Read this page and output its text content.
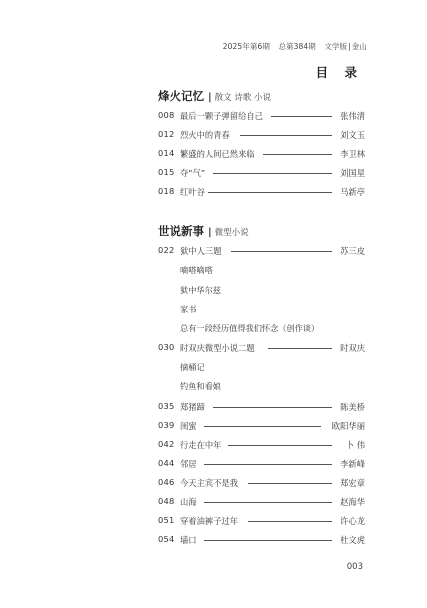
2025年第6期 总第384期 文学版|金山
目 录
烽火记忆 | 散文 诗歌 小说
008 最后一颗子弹留给自己	张伟清
012 烈火中的青春	刘文玉
014 繁盛的人间已然来临	李卫林
015 夺“气”	刘国星
018 红叶谷	马新亭
世说新事 | 微型小说
022 狱中人三题	苏三皮
嘀嗒嘀嗒
狱中华尔兹
家书
总有一段经历值得我们怀念（创作谈）
030 时双庆微型小说二题	时双庆
摘桶记
钓鱼和看娘
035 郑猪蹄	陈美桥
039 闺蜜	欧阳华丽
042 行走在中年	卜 伟
044 邻居	李新峰
046 今天主宾不是我	郑宏章
048 山海	赵海华
051 穿着油裤子过年	许心龙
054 墙口	杜文虎
003
